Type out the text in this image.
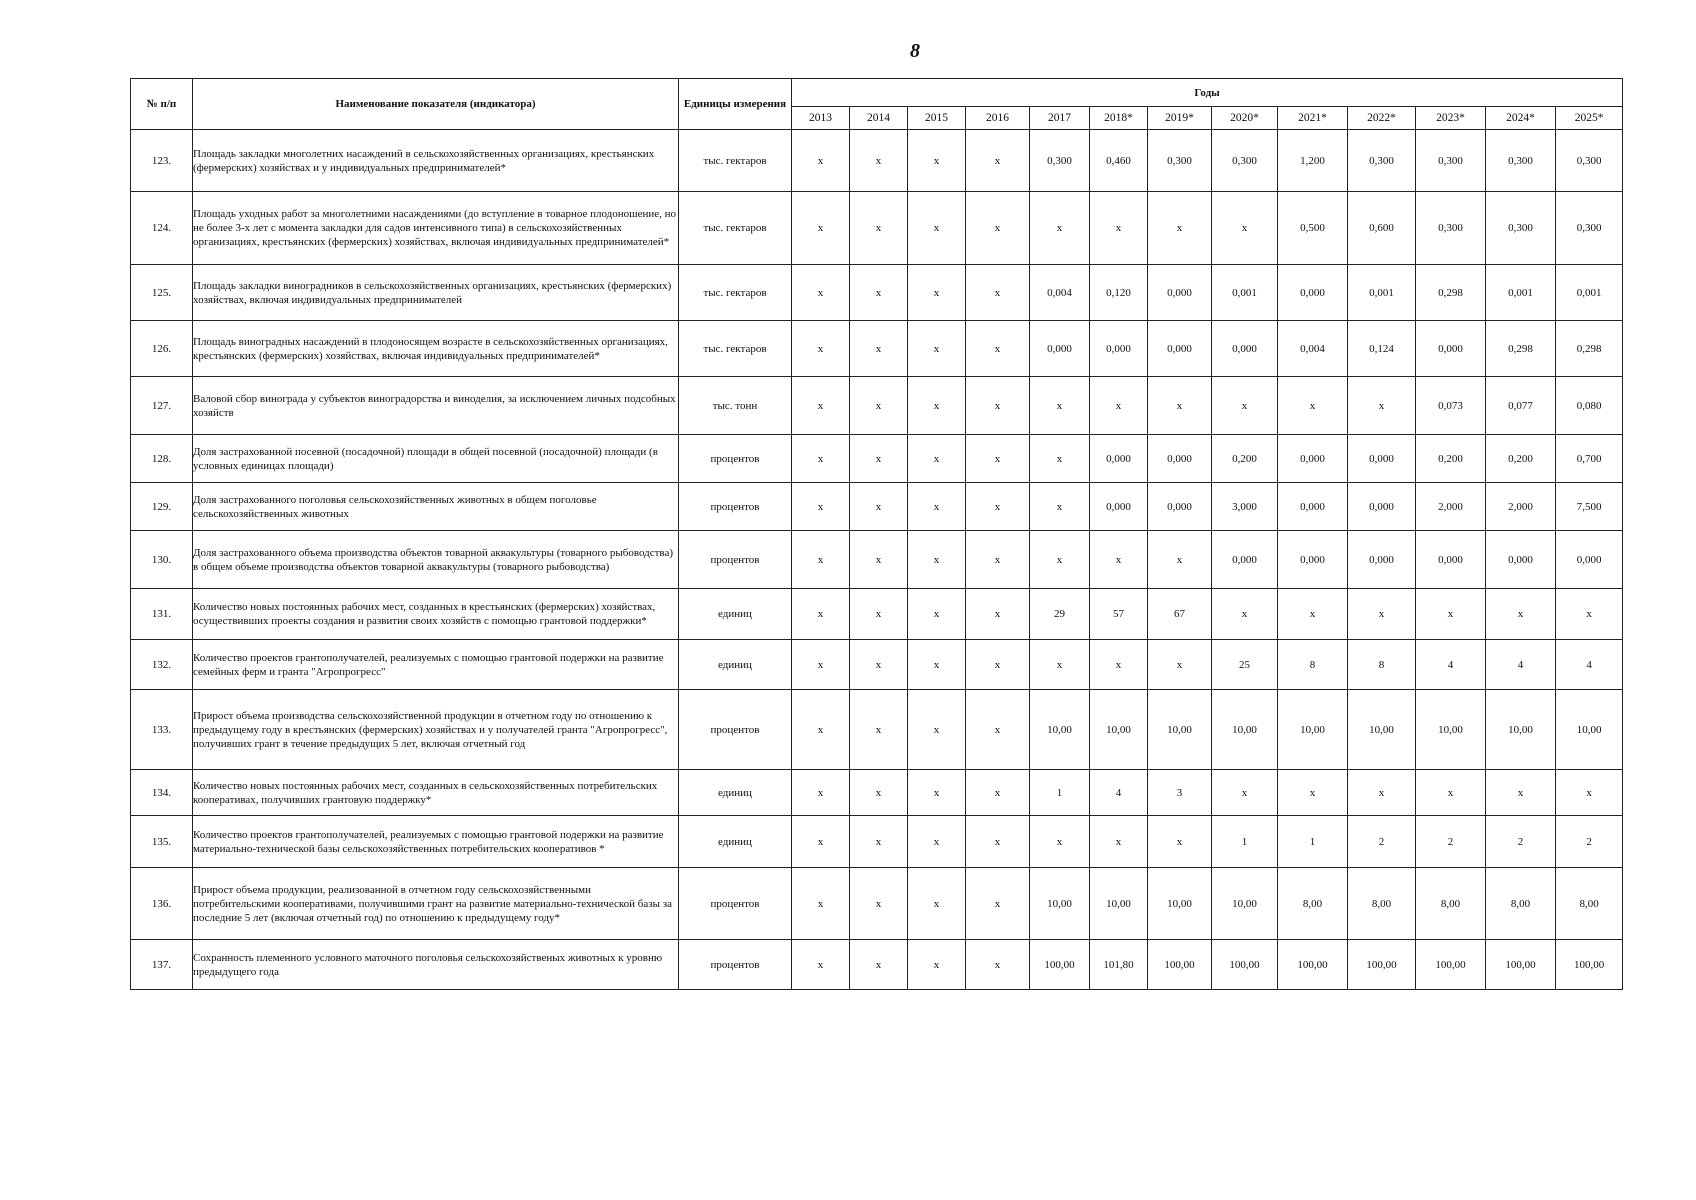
8
№ п/п	Наименование показателя (индикатора)	Единицы измерения	Годы												
			2013	2014	2015	2016	2017	2018*	2019*	2020*	2021*	2022*	2023*	2024*	2025*
123.	Площадь закладки многолетних насаждений в сельскохозяйственных организациях, крестьянских (фермерских) хозяйствах и у индивидуальных предпринимателей*	тыс. гектаров	х	х	х	х	0,300	0,460	0,300	0,300	1,200	0,300	0,300	0,300	0,300
124.	Площадь уходных работ за многолетними насаждениями (до вступление в товарное плодоношение, но не более 3-х лет с момента закладки для садов интенсивного типа) в сельскохозяйственных организациях, крестьянских (фермерских) хозяйствах, включая индивидуальных предпринимателей*	тыс. гектаров	х	х	х	х	х	х	х	х	0,500	0,600	0,300	0,300	0,300
125.	Площадь закладки виноградников в сельскохозяйственных организациях, крестьянских (фермерских) хозяйствах, включая индивидуальных предпринимателей	тыс. гектаров	х	х	х	х	0,004	0,120	0,000	0,001	0,000	0,001	0,298	0,001	0,001
126.	Площадь виноградных насаждений в плодоносящем возрасте в сельскохозяйственных организациях, крестьянских (фермерских) хозяйствах, включая индивидуальных предпринимателей*	тыс. гектаров	х	х	х	х	0,000	0,000	0,000	0,000	0,004	0,124	0,000	0,298	0,298
127.	Валовой сбор винограда у субъектов виноградорства и виноделия, за исключением личных подсобных хозяйств	тыс. тонн	х	х	х	х	х	х	х	х	х	х	0,073	0,077	0,080
128.	Доля застрахованной посевной (посадочной) площади в общей посевной (посадочной) площади (в условных единицах площади)	процентов	х	х	х	х	х	0,000	0,000	0,200	0,000	0,000	0,200	0,200	0,700
129.	Доля застрахованного поголовья сельскохозяйственных животных в общем поголовье сельскохозяйственных животных	процентов	х	х	х	х	х	0,000	0,000	3,000	0,000	0,000	2,000	2,000	7,500
130.	Доля застрахованного объема производства объектов товарной аквакультуры (товарного рыбоводства) в общем объеме производства объектов товарной аквакультуры (товарного рыбоводства)	процентов	х	х	х	х	х	х	х	0,000	0,000	0,000	0,000	0,000	0,000
131.	Количество новых постоянных рабочих мест, созданных в крестьянских (фермерских) хозяйствах, осуществивших проекты создания и развития своих хозяйств с помощью грантовой поддержки*	единиц	х	х	х	х	29	57	67	х	х	х	х	х	х
132.	Количество проектов грантополучателей, реализуемых с помощью грантовой подержки на развитие семейных ферм и гранта "Агропрогресс"	единиц	х	х	х	х	х	х	х	25	8	8	4	4	4
133.	Прирост объема производства сельскохозяйственной продукции в отчетном году по отношению к предыдущему году в крестьянских (фермерских) хозяйствах и у получателей гранта "Агропрогресс", получивших грант в течение предыдущих 5 лет, включая отчетный год	процентов	х	х	х	х	10,00	10,00	10,00	10,00	10,00	10,00	10,00	10,00	10,00
134.	Количество новых постоянных рабочих мест, созданных в сельскохозяйственных потребительских кооперативах, получивших грантовую поддержку*	единиц	х	х	х	х	1	4	3	х	х	х	х	х	х
135.	Количество проектов грантополучателей, реализуемых с помощью грантовой подержки на развитие материально-технической базы сельскохозяйственных потребительских кооперативов *	единиц	х	х	х	х	х	х	х	1	1	2	2	2	2
136.	Прирост объема продукции, реализованной в отчетном году сельскохозяйственными потребительскими кооперативами, получившими грант на развитие материально-технической базы за последние 5 лет (включая отчетный год) по отношению к предыдущему году*	процентов	х	х	х	х	10,00	10,00	10,00	10,00	8,00	8,00	8,00	8,00	8,00
137.	Сохранность племенного условного маточного поголовья сельскохозяйственых животных к уровню предыдущего года	процентов	х	х	х	х	100,00	101,80	100,00	100,00	100,00	100,00	100,00	100,00	100,00
